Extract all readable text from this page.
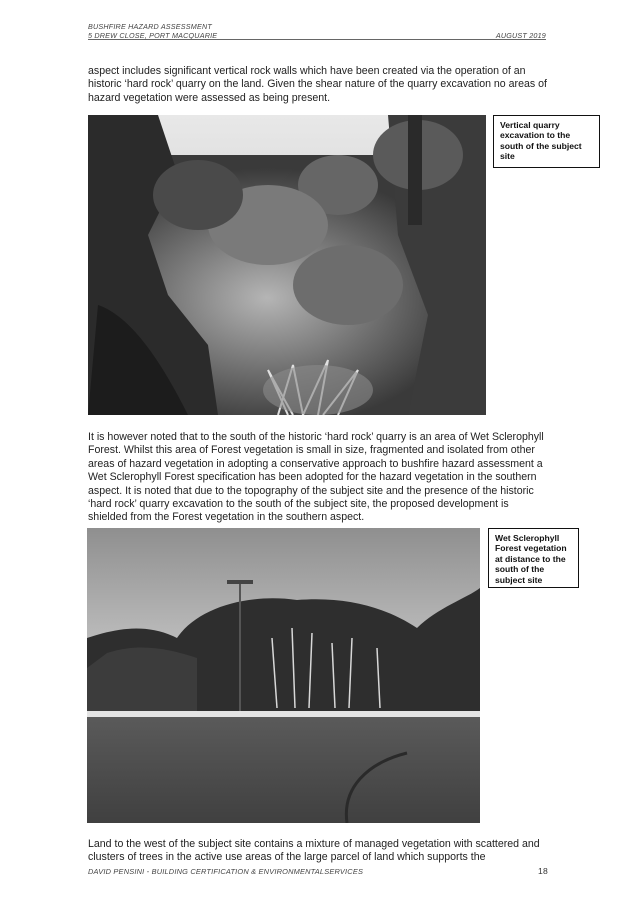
BUSHFIRE HAZARD ASSESSMENT
5 DREW CLOSE, PORT MACQUARIE	AUGUST 2019

aspect includes significant vertical rock walls which have been created via the operation of an historic ‘hard rock’ quarry on the land. Given the shear nature of the quarry excavation no areas of hazard vegetation were assessed as being present.

Vertical quarry excavation to the south of the subject site

It is however noted that to the south of the historic ‘hard rock’ quarry is an area of Wet Sclerophyll Forest. Whilst this area of Forest vegetation is small in size, fragmented and isolated from other areas of hazard vegetation in adopting a conservative approach to bushfire hazard assessment a Wet Sclerophyll Forest specification has been adopted for the hazard vegetation in the southern aspect. It is noted that due to the topography of the subject site and the presence of the historic ‘hard rock’ quarry excavation to the south of the subject site, the proposed development is shielded from the Forest vegetation in the southern aspect.

Wet Sclerophyll Forest vegetation at distance to the south of the subject site

Land to the west of the subject site contains a mixture of managed vegetation with scattered and clusters of trees in the active use areas of the large parcel of land which supports the

DAVID PENSINI - BUILDING CERTIFICATION & ENVIRONMENTALSERVICES	18
